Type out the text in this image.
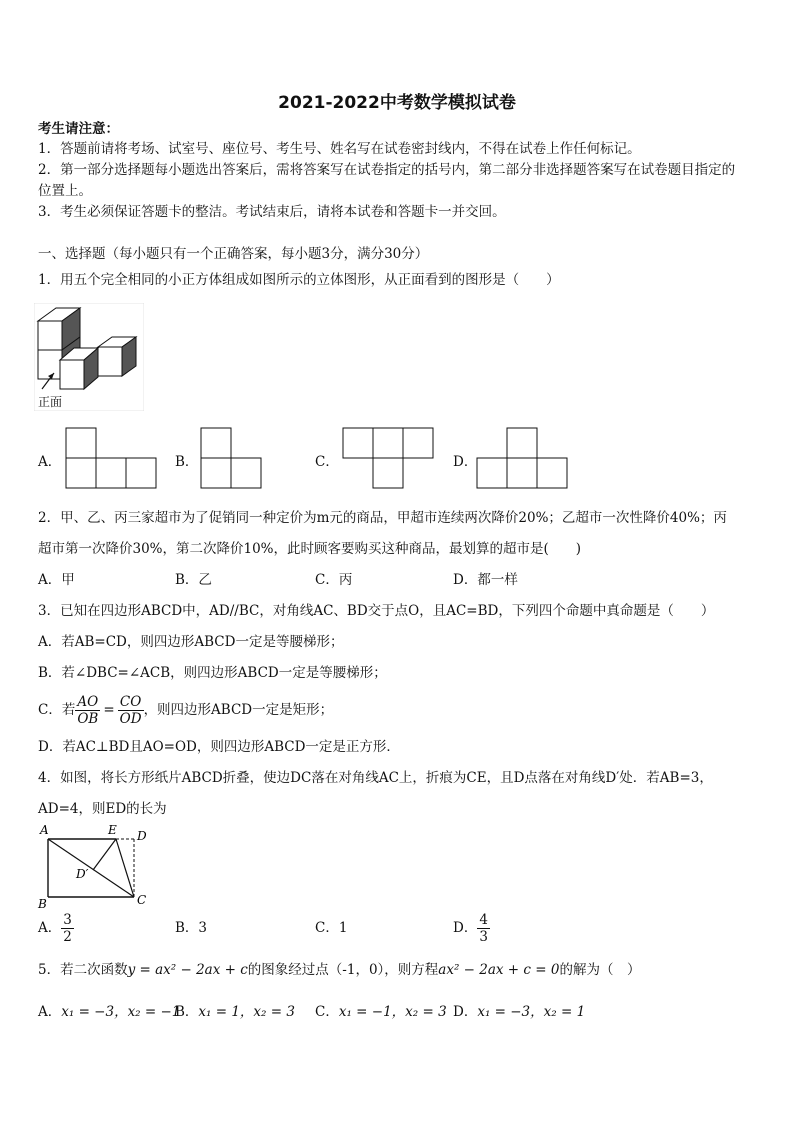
2021-2022中考数学模拟试卷
考生请注意：
1．答题前请将考场、试室号、座位号、考生号、姓名写在试卷密封线内，不得在试卷上作任何标记。
2．第一部分选择题每小题选出答案后，需将答案写在试卷指定的括号内，第二部分非选择题答案写在试卷题目指定的
位置上。
3．考生必须保证答题卡的整洁。考试结束后，请将本试卷和答题卡一并交回。
一、选择题（每小题只有一个正确答案，每小题3分，满分30分）
1．用五个完全相同的小正方体组成如图所示的立体图形，从正面看到的图形是（　　）
正面
A．	B．	C．	D．
2．甲、乙、丙三家超市为了促销同一种定价为m元的商品，甲超市连续两次降价20%；乙超市一次性降价40%；丙
超市第一次降价30%，第二次降价10%，此时顾客要购买这种商品，最划算的超市是(　　)
A．甲	B．乙	C．丙	D．都一样
3．已知在四边形ABCD中，AD//BC，对角线AC、BD交于点O，且AC=BD，下列四个命题中真命题是（　　）
A．若AB=CD，则四边形ABCD一定是等腰梯形；
B．若∠DBC=∠ACB，则四边形ABCD一定是等腰梯形；
C．若 $\frac{AO}{OB} = \frac{CO}{OD}$ ，则四边形ABCD一定是矩形；
D．若AC⊥BD且AO=OD，则四边形ABCD一定是正方形．
4．如图，将长方形纸片ABCD折叠，使边DC落在对角线AC上，折痕为CE，且D点落在对角线D′处．若AB=3，
AD=4，则ED的长为
A	E D
D′
B	C
A． $\frac{3}{2}$	B．3	C．1	D． $\frac{4}{3}$
5．若二次函数y = ax² − 2ax + c的图象经过点（-1，0），则方程ax² − 2ax + c = 0的解为（　）
A．x₁ = −3，x₂ = −1
B．x₁ = 1，x₂ = 3 C．x₁ = −1，x₂ = 3 D．x₁ = −3，x₂ = 1
